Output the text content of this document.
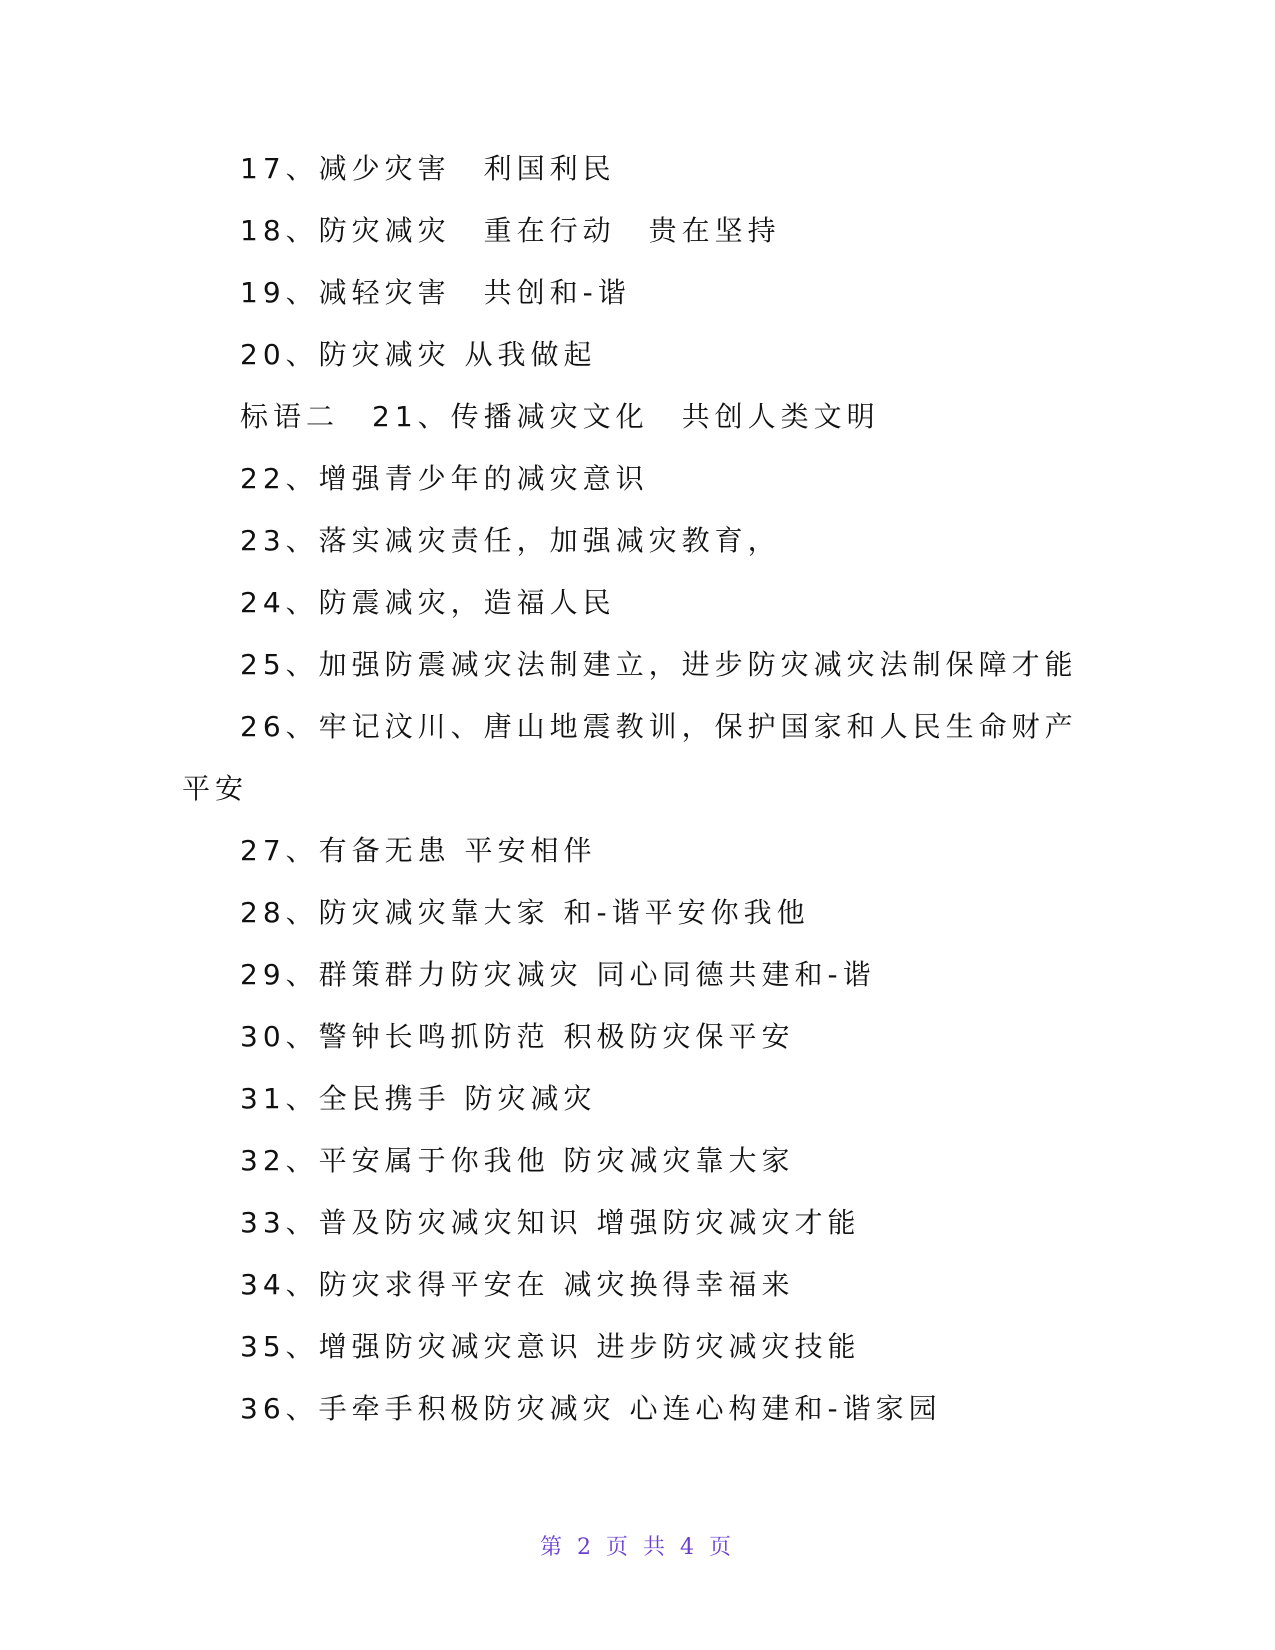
17、减少灾害　利国利民
18、防灾减灾　重在行动　贵在坚持
19、减轻灾害　共创和-谐
20、防灾减灾 从我做起
标语二　21、传播减灾文化　共创人类文明
22、增强青少年的减灾意识
23、落实减灾责任，加强减灾教育，
24、防震减灾，造福人民
25、加强防震减灾法制建立，进步防灾减灾法制保障才能
26、牢记汶川、唐山地震教训，保护国家和人民生命财产
平安
27、有备无患 平安相伴
28、防灾减灾靠大家 和-谐平安你我他
29、群策群力防灾减灾 同心同德共建和-谐
30、警钟长鸣抓防范 积极防灾保平安
31、全民携手 防灾减灾
32、平安属于你我他 防灾减灾靠大家
33、普及防灾减灾知识 增强防灾减灾才能
34、防灾求得平安在 减灾换得幸福来
35、增强防灾减灾意识 进步防灾减灾技能
36、手牵手积极防灾减灾 心连心构建和-谐家园
第 2 页 共 4 页
